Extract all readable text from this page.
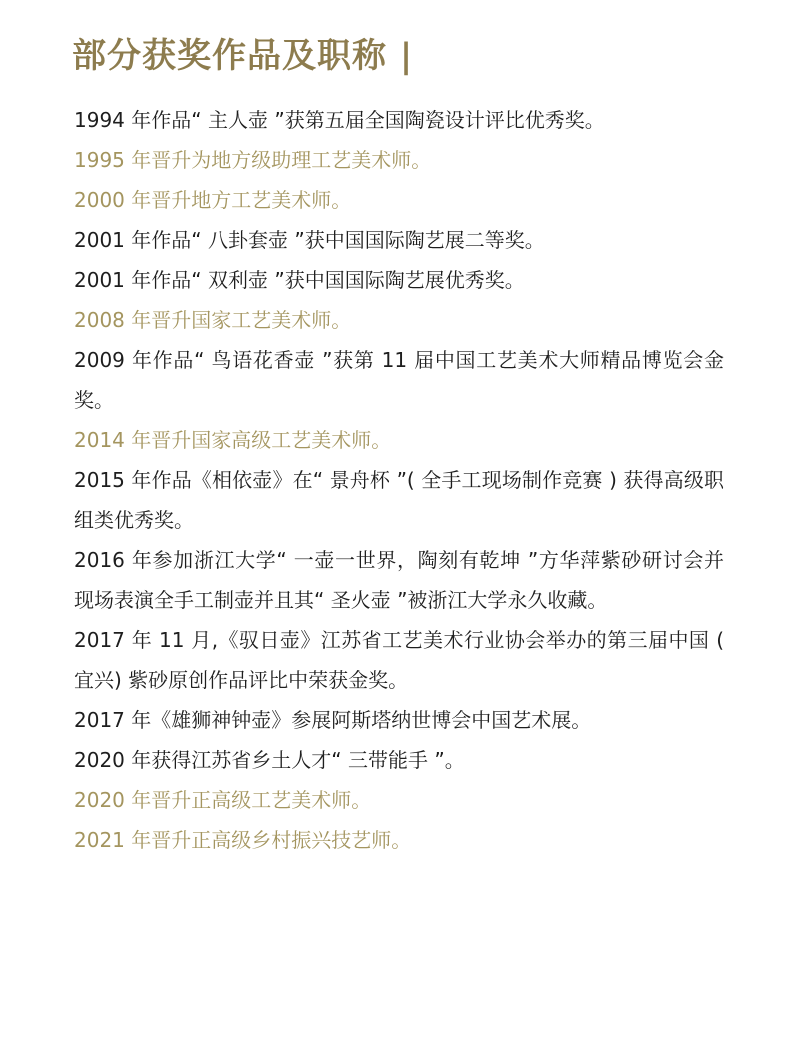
部分获奖作品及职称 |
1994 年作品“ 主人壶 ”获第五届全国陶瓷设计评比优秀奖。
1995 年晋升为地方级助理工艺美术师。
2000 年晋升地方工艺美术师。
2001 年作品“ 八卦套壶 ”获中国国际陶艺展二等奖。
2001 年作品“ 双利壶 ”获中国国际陶艺展优秀奖。
2008 年晋升国家工艺美术师。
2009 年作品“ 鸟语花香壶 ”获第 11 届中国工艺美术大师精品博览会金奖。
2014 年晋升国家高级工艺美术师。
2015 年作品《相依壶》在“ 景舟杯 ”( 全手工现场制作竞赛 ) 获得高级职组类优秀奖。
2016 年参加浙江大学“ 一壶一世界，陶刻有乾坤 ”方华萍紫砂研讨会并现场表演全手工制壶并且其“ 圣火壶 ”被浙江大学永久收藏。
2017 年 11 月,《驭日壶》江苏省工艺美术行业协会举办的第三届中国 ( 宜兴) 紫砂原创作品评比中荣获金奖。
2017 年《雄狮神钟壶》参展阿斯塔纳世博会中国艺术展。
2020 年获得江苏省乡土人才“ 三带能手 ”。
2020 年晋升正高级工艺美术师。
2021 年晋升正高级乡村振兴技艺师。
